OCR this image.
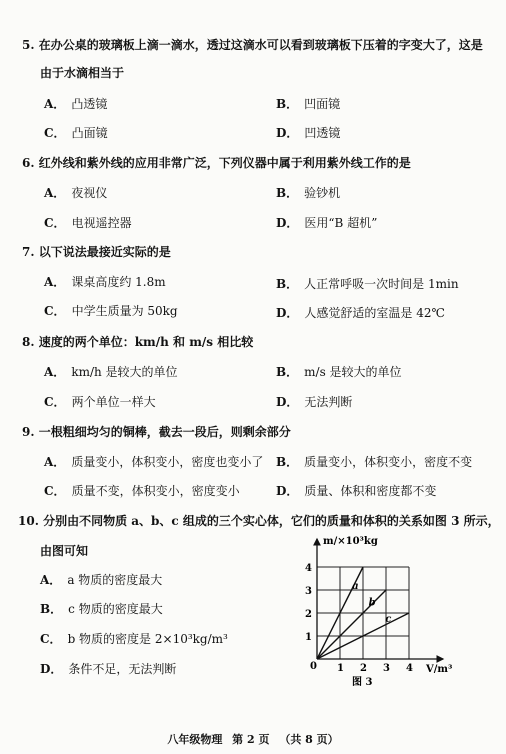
5. 在办公桌的玻璃板上滴一滴水，透过这滴水可以看到玻璃板下压着的字变大了，这是
由于水滴相当于
A． 凸透镜	B． 凹面镜
C． 凸面镜	D． 凹透镜
6. 红外线和紫外线的应用非常广泛，下列仪器中属于利用紫外线工作的是
A． 夜视仪	B． 验钞机
C． 电视遥控器	D． 医用“B 超机”
7. 以下说法最接近实际的是
A． 课桌高度约 1.8m	B． 人正常呼吸一次时间是 1min
C． 中学生质量为 50kg	D． 人感觉舒适的室温是 42℃
8. 速度的两个单位：km/h 和 m/s 相比较
A． km/h 是较大的单位	B． m/s 是较大的单位
C． 两个单位一样大	D． 无法判断
9. 一根粗细均匀的铜棒，截去一段后，则剩余部分
A． 质量变小，体积变小，密度也变小了 B． 质量变小，体积变小，密度不变
C． 质量不变，体积变小，密度变小	D． 质量、体积和密度都不变
10. 分别由不同物质 a、b、c 组成的三个实心体，它们的质量和体积的关系如图 3 所示，
由图可知
A． a 物质的密度最大
B． c 物质的密度最大
C． b 物质的密度是 2×10³kg/m³
D． 条件不足，无法判断
m/×10³kg
V/m³
0 1 2 3 4
1
2
3
4
a
b
c
图 3
八年级物理 第 2 页 （共 8 页）
